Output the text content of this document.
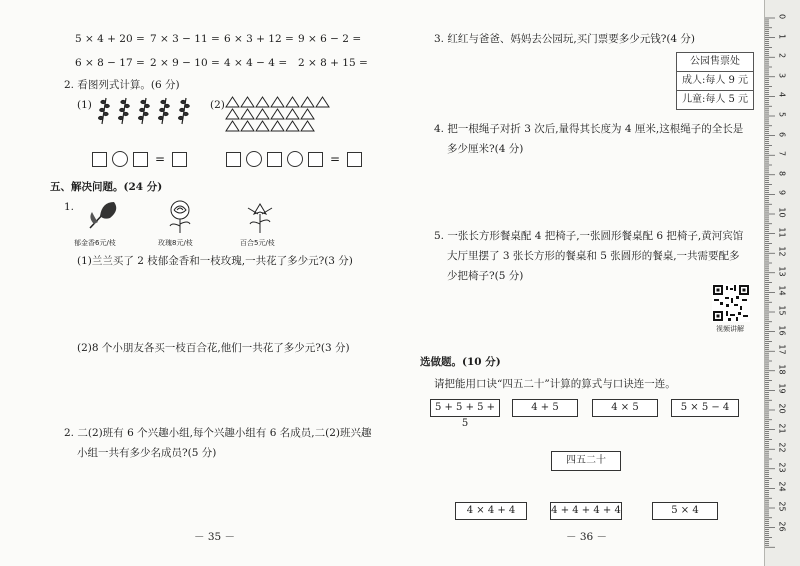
5 × 4 + 20 = 7 × 3 − 11 = 6 × 3 + 12 = 9 × 6 − 2 =
6 × 8 − 17 = 2 × 9 − 10 = 4 × 4 − 4 = 2 × 8 + 15 =
2. 看图列式计算。(6 分)
(1)	(2)
=	=
五、解决问题。(24 分)
1.
郁金香6元/枝	玫瑰8元/枝	百合5元/枝
(1)兰兰买了 2 枝郁金香和一枝玫瑰,一共花了多少元?(3 分)
(2)8 个小朋友各买一枝百合花,他们一共花了多少元?(3 分)
2. 二(2)班有 6 个兴趣小组,每个兴趣小组有 6 名成员,二(2)班兴趣
小组一共有多少名成员?(5 分)
－ 35 －
3. 红红与爸爸、妈妈去公园玩,买门票要多少元钱?(4 分)
公园售票处
成人:每人 9 元
儿童:每人 5 元
4. 把一根绳子对折 3 次后,量得其长度为 4 厘米,这根绳子的全长是
多少厘米?(4 分)
5. 一张长方形餐桌配 4 把椅子,一张圆形餐桌配 6 把椅子,黄河宾馆
大厅里摆了 3 张长方形的餐桌和 5 张圆形的餐桌,一共需要配多
少把椅子?(5 分)
视频讲解
选做题。(10 分)
请把能用口诀“四五二十”计算的算式与口诀连一连。
5 + 5 + 5 + 5
4 + 5	4 × 5	5 × 5 − 4
四五二十
4 × 4 + 4	4 + 4 + 4 + 4	5 × 4
－ 36 －
0
1
2
3
4
5
6
7
8
9
10
11
12
13
14
15
16
17
18
19
20
21
22
23
24
25
26
